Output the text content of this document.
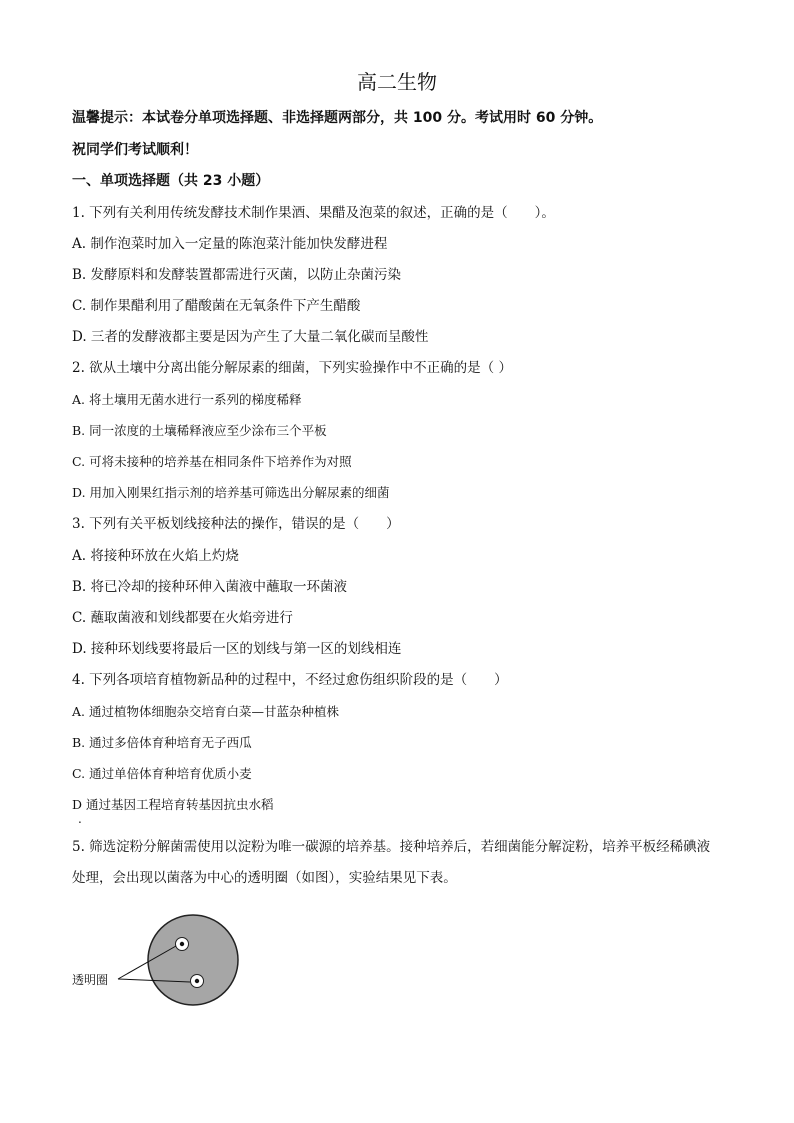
高二生物
温馨提示：本试卷分单项选择题、非选择题两部分，共 100 分。考试用时 60 分钟。
祝同学们考试顺利！
一、单项选择题（共 23 小题）
1. 下列有关利用传统发酵技术制作果酒、果醋及泡菜的叙述，正确的是（　　）。
A. 制作泡菜时加入一定量的陈泡菜汁能加快发酵进程
B. 发酵原料和发酵装置都需进行灭菌，以防止杂菌污染
C. 制作果醋利用了醋酸菌在无氧条件下产生醋酸
D. 三者的发酵液都主要是因为产生了大量二氧化碳而呈酸性
2. 欲从土壤中分离出能分解尿素的细菌，下列实验操作中不正确的是（ ）
A. 将土壤用无菌水进行一系列的梯度稀释
B. 同一浓度的土壤稀释液应至少涂布三个平板
C. 可将未接种的培养基在相同条件下培养作为对照
D. 用加入刚果红指示剂的培养基可筛选出分解尿素的细菌
3. 下列有关平板划线接种法的操作，错误的是（　　）
A. 将接种环放在火焰上灼烧
B. 将已冷却的接种环伸入菌液中蘸取一环菌液
C. 蘸取菌液和划线都要在火焰旁进行
D. 接种环划线要将最后一区的划线与第一区的划线相连
4. 下列各项培育植物新品种的过程中，不经过愈伤组织阶段的是（　　）
A. 通过植物体细胞杂交培育白菜—甘蓝杂种植株
B. 通过多倍体育种培育无子西瓜
C. 通过单倍体育种培育优质小麦
D 通过基因工程培育转基因抗虫水稻
.
5. 筛选淀粉分解菌需使用以淀粉为唯一碳源的培养基。接种培养后，若细菌能分解淀粉，培养平板经稀碘液处理，会出现以菌落为中心的透明圈（如图），实验结果见下表。
透明圈
